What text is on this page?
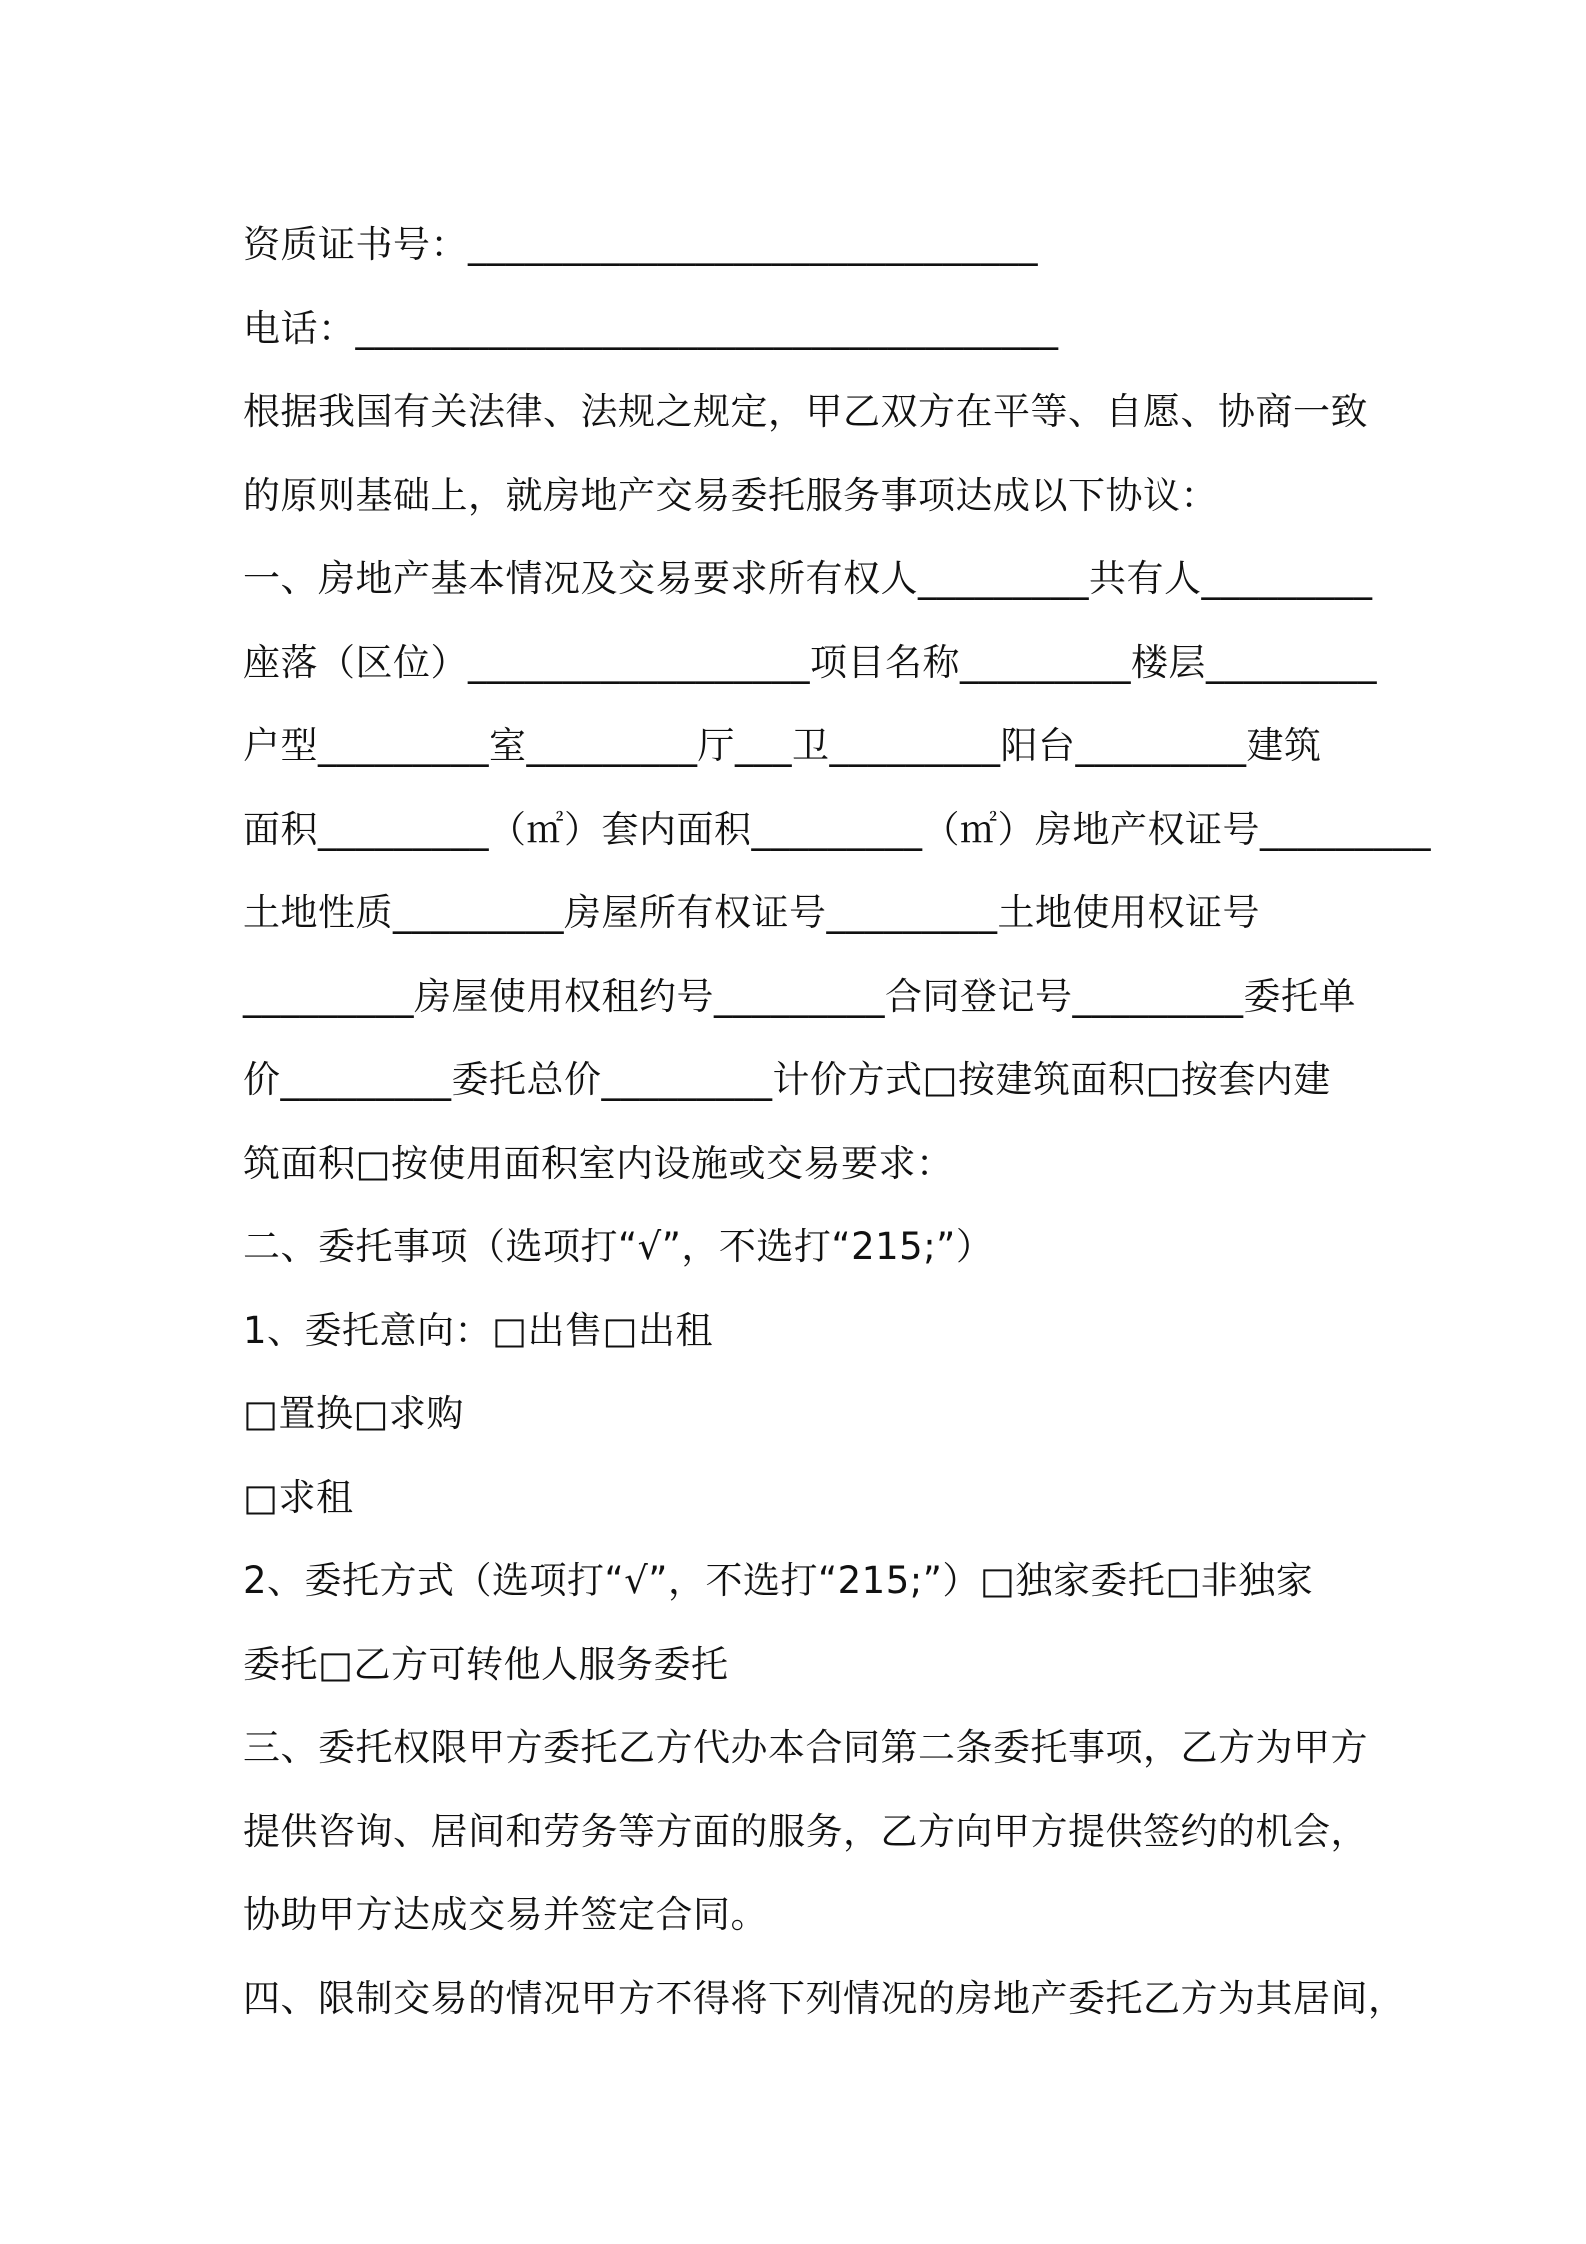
资质证书号：______________________________
电话：_____________________________________
根据我国有关法律、法规之规定，甲乙双方在平等、自愿、协商一致
的原则基础上，就房地产交易委托服务事项达成以下协议：
一、房地产基本情况及交易要求所有权人_________共有人_________
座落（区位）__________________项目名称_________楼层_________
户型_________室_________厅___卫_________阳台_________建筑
面积_________（㎡）套内面积_________（㎡）房地产权证号_________
土地性质_________房屋所有权证号_________土地使用权证号
_________房屋使用权租约号_________合同登记号_________委托单
价_________委托总价_________计价方式□按建筑面积□按套内建
筑面积□按使用面积室内设施或交易要求：
二、委托事项（选项打“√”，不选打“215;”）
1、委托意向：□出售□出租
□置换□求购
□求租
2、委托方式（选项打“√”，不选打“215;”）□独家委托□非独家
委托□乙方可转他人服务委托
三、委托权限甲方委托乙方代办本合同第二条委托事项，乙方为甲方
提供咨询、居间和劳务等方面的服务，乙方向甲方提供签约的机会，
协助甲方达成交易并签定合同。
四、限制交易的情况甲方不得将下列情况的房地产委托乙方为其居间，
